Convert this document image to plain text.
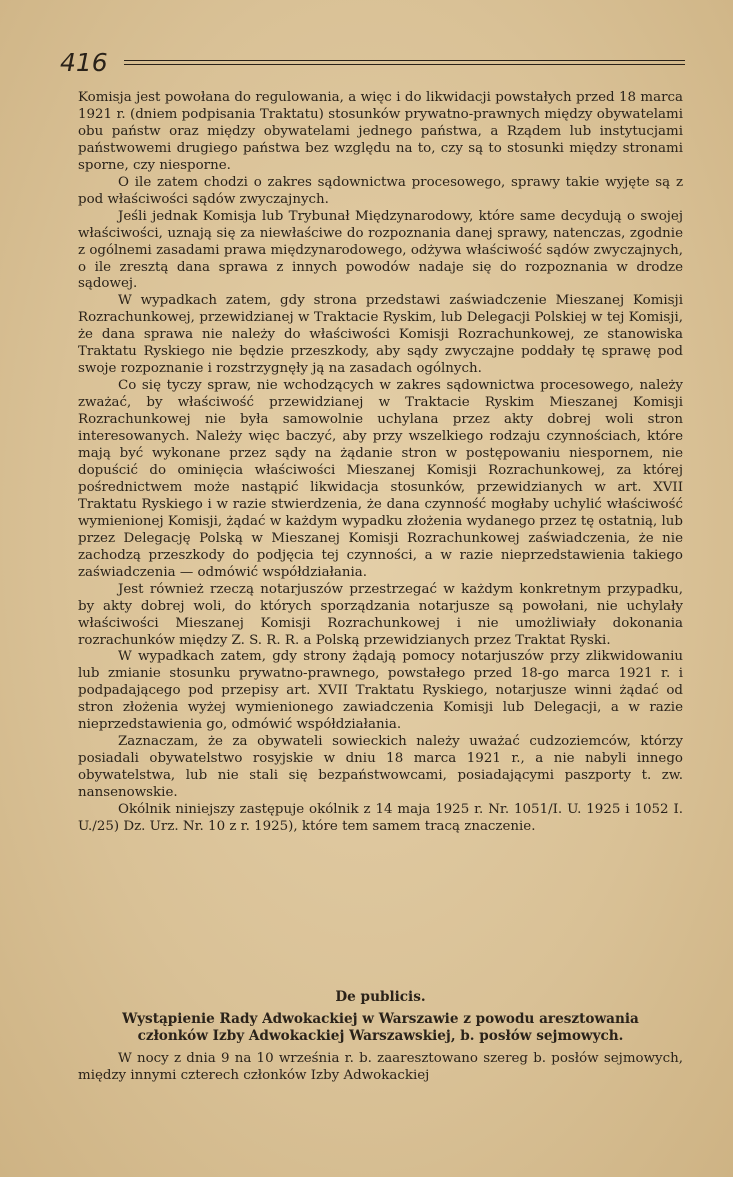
416

Komisja jest powołana do regulowania, a więc i do likwidacji powstałych przed 18 marca 1921 r. (dniem podpisania Traktatu) stosunków prywatno-prawnych między obywatelami obu państw oraz między obywatelami jednego państwa, a Rządem lub instytucjami państwowemi drugiego państwa bez względu na to, czy są to stosunki między stronami sporne, czy niesporne.

O ile zatem chodzi o zakres sądownictwa procesowego, sprawy takie wyjęte są z pod właściwości sądów zwyczajnych.

Jeśli jednak Komisja lub Trybunał Międzynarodowy, które same decydują o swojej właściwości, uznają się za niewłaściwe do rozpoznania danej sprawy, natenczas, zgodnie z ogólnemi zasadami prawa międzynarodowego, odżywa właściwość sądów zwyczajnych, o ile zresztą dana sprawa z innych powodów nadaje się do rozpoznania w drodze sądowej.

W wypadkach zatem, gdy strona przedstawi zaświadczenie Mieszanej Komisji Rozrachunkowej, przewidzianej w Traktacie Ryskim, lub Delegacji Polskiej w tej Komisji, że dana sprawa nie należy do właściwości Komisji Rozrachunkowej, ze stanowiska Traktatu Ryskiego nie będzie przeszkody, aby sądy zwyczajne poddały tę sprawę pod swoje rozpoznanie i rozstrzygnęły ją na zasadach ogólnych.

Co się tyczy spraw, nie wchodzących w zakres sądownictwa procesowego, należy zważać, by właściwość przewidzianej w Traktacie Ryskim Mieszanej Komisji Rozrachunkowej nie była samowolnie uchylana przez akty dobrej woli stron interesowanych. Należy więc baczyć, aby przy wszelkiego rodzaju czynnościach, które mają być wykonane przez sądy na żądanie stron w postępowaniu niespornem, nie dopuścić do ominięcia właściwości Mieszanej Komisji Rozrachunkowej, za której pośrednictwem może nastąpić likwidacja stosunków, przewidzianych w art. XVII Traktatu Ryskiego i w razie stwierdzenia, że dana czynność mogłaby uchylić właściwość wymienionej Komisji, żądać w każdym wypadku złożenia wydanego przez tę ostatnią, lub przez Delegację Polską w Mieszanej Komisji Rozrachunkowej zaświadczenia, że nie zachodzą przeszkody do podjęcia tej czynności, a w razie nieprzedstawienia takiego zaświadczenia — odmówić współdziałania.

Jest również rzeczą notarjuszów przestrzegać w każdym konkretnym przypadku, by akty dobrej woli, do których sporządzania notarjusze są powołani, nie uchylały właściwości Mieszanej Komisji Rozrachunkowej i nie umożliwiały dokonania rozrachunków między Z. S. R. R. a Polską przewidzianych przez Traktat Ryski.

W wypadkach zatem, gdy strony żądają pomocy notarjuszów przy zlikwidowaniu lub zmianie stosunku prywatno-prawnego, powstałego przed 18-go marca 1921 r. i podpadającego pod przepisy art. XVII Traktatu Ryskiego, notarjusze winni żądać od stron złożenia wyżej wymienionego zawiadczenia Komisji lub Delegacji, a w razie nieprzedstawienia go, odmówić współdziałania.

Zaznaczam, że za obywateli sowieckich należy uważać cudzoziemców, którzy posiadali obywatelstwo rosyjskie w dniu 18 marca 1921 r., a nie nabyli innego obywatelstwa, lub nie stali się bezpaństwowcami, posiadającymi paszporty t. zw. nansenowskie.

Okólnik niniejszy zastępuje okólnik z 14 maja 1925 r. Nr. 1051/I. U. 1925 i 1052 I. U./25) Dz. Urz. Nr. 10 z r. 1925), które tem samem tracą znaczenie.

De publicis.
Wystąpienie Rady Adwokackiej w Warszawie z powodu aresztowania
członków Izby Adwokackiej Warszawskiej, b. posłów sejmowych.

W nocy z dnia 9 na 10 września r. b. zaaresztowano szereg b. posłów sejmowych, między innymi czterech członków Izby Adwokackiej
